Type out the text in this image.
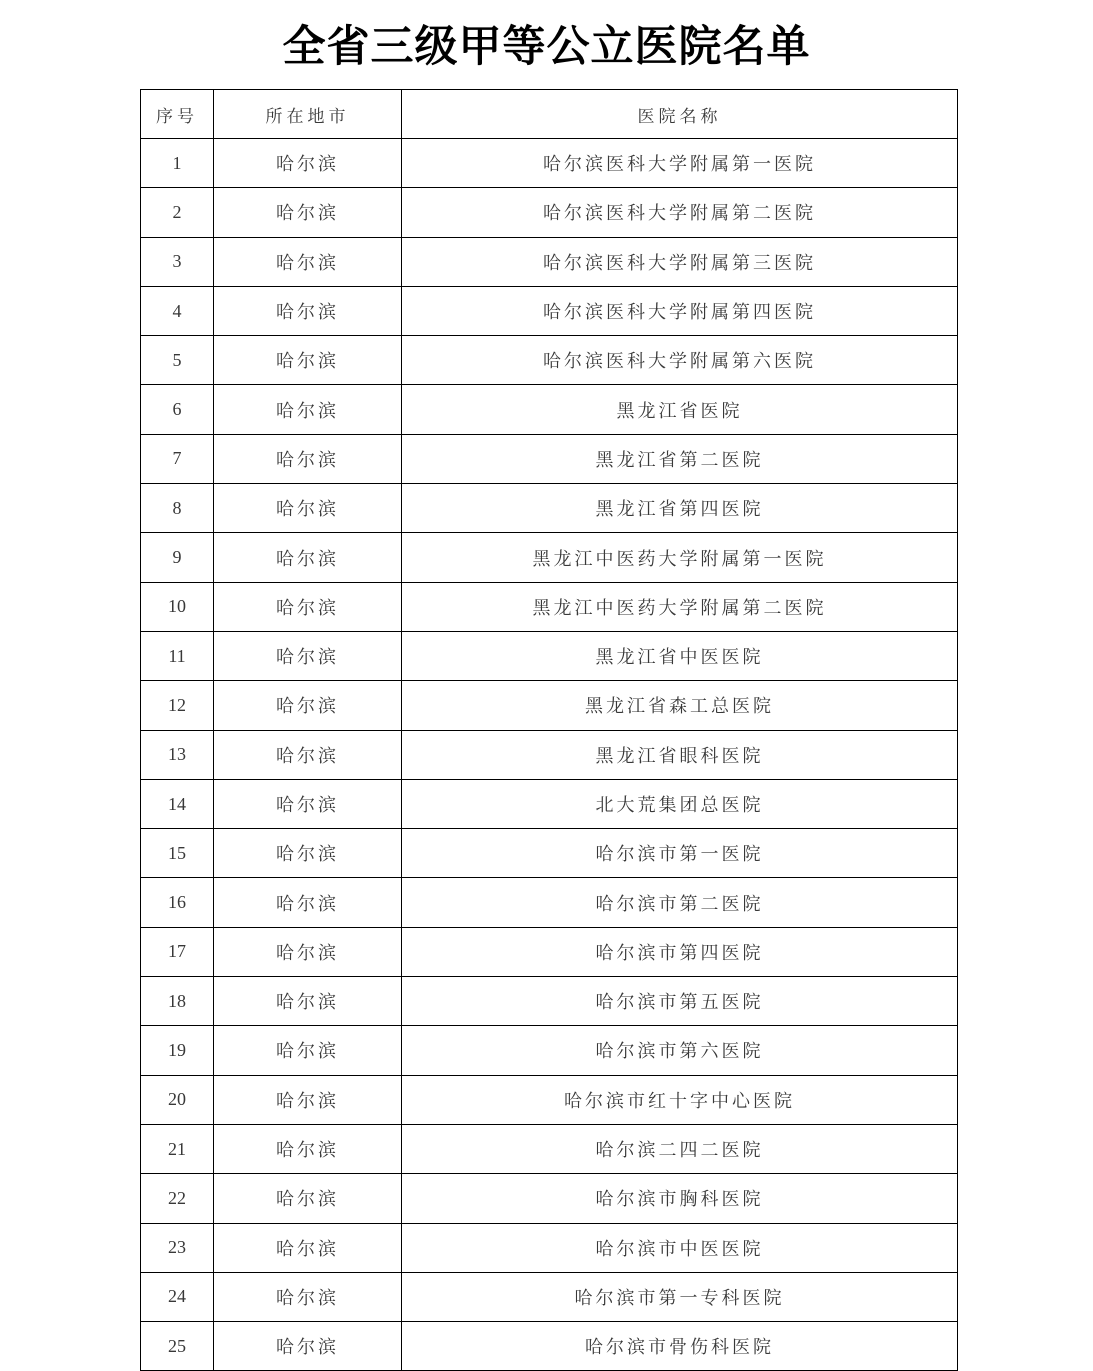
全省三级甲等公立医院名单
序号	所在地市	医院名称
1	哈尔滨	哈尔滨医科大学附属第一医院
2	哈尔滨	哈尔滨医科大学附属第二医院
3	哈尔滨	哈尔滨医科大学附属第三医院
4	哈尔滨	哈尔滨医科大学附属第四医院
5	哈尔滨	哈尔滨医科大学附属第六医院
6	哈尔滨	黑龙江省医院
7	哈尔滨	黑龙江省第二医院
8	哈尔滨	黑龙江省第四医院
9	哈尔滨	黑龙江中医药大学附属第一医院
10	哈尔滨	黑龙江中医药大学附属第二医院
11	哈尔滨	黑龙江省中医医院
12	哈尔滨	黑龙江省森工总医院
13	哈尔滨	黑龙江省眼科医院
14	哈尔滨	北大荒集团总医院
15	哈尔滨	哈尔滨市第一医院
16	哈尔滨	哈尔滨市第二医院
17	哈尔滨	哈尔滨市第四医院
18	哈尔滨	哈尔滨市第五医院
19	哈尔滨	哈尔滨市第六医院
20	哈尔滨	哈尔滨市红十字中心医院
21	哈尔滨	哈尔滨二四二医院
22	哈尔滨	哈尔滨市胸科医院
23	哈尔滨	哈尔滨市中医医院
24	哈尔滨	哈尔滨市第一专科医院
25	哈尔滨	哈尔滨市骨伤科医院
